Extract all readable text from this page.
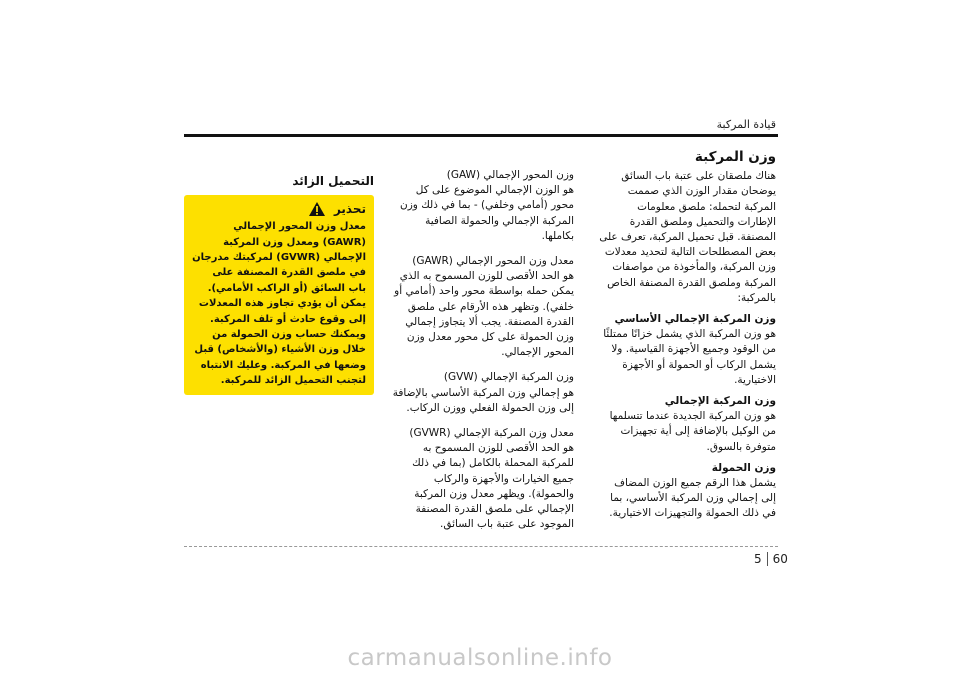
قيادة المركبة
وزن المركبة

هناك ملصقان على عتبة باب السائق يوضحان مقدار الوزن الذي صممت المركبة لتحمله: ملصق معلومات الإطارات والتحميل وملصق القدرة المصنفة. قبل تحميل المركبة، تعرف على بعض المصطلحات التالية لتحديد معدلات وزن المركبة، والمأخوذة من مواصفات المركبة وملصق القدرة المصنفة الخاص بالمركبة:

وزن المركبة الإجمالي الأساسي

هو وزن المركبة الذي يشمل خزانًا ممتلئًا من الوقود وجميع الأجهزة القياسية. ولا يشمل الركاب أو الحمولة أو الأجهزة الاختيارية.

وزن المركبة الإجمالي

هو وزن المركبة الجديدة عندما تتسلمها من الوكيل بالإضافة إلى أية تجهيزات متوفرة بالسوق.

وزن الحمولة

يشمل هذا الرقم جميع الوزن المضاف إلى إجمالي وزن المركبة الأساسي، بما في ذلك الحمولة والتجهيزات الاختيارية.

وزن المحور الإجمالي (GAW)

هو الوزن الإجمالي الموضوع على كل محور (أمامي وخلفي) - بما في ذلك وزن المركبة الإجمالي والحمولة الصافية بكاملها.

معدل وزن المحور الإجمالي (GAWR)

هو الحد الأقصى للوزن المسموح به الذي يمكن حمله بواسطة محور واحد (أمامي أو خلفي). وتظهر هذه الأرقام على ملصق القدرة المصنفة. يجب ألا يتجاوز إجمالي وزن الحمولة على كل محور معدل وزن المحور الإجمالي.

وزن المركبة الإجمالي (GVW)

هو إجمالي وزن المركبة الأساسي بالإضافة إلى وزن الحمولة الفعلي ووزن الركاب.

معدل وزن المركبة الإجمالي (GVWR)

هو الحد الأقصى للوزن المسموح به للمركبة المحملة بالكامل (بما في ذلك جميع الخيارات والأجهزة والركاب والحمولة). ويظهر معدل وزن المركبة الإجمالي على ملصق القدرة المصنفة الموجود على عتبة باب السائق.

التحميل الزائد
تحذير

معدل وزن المحور الإجمالي (GAWR) ومعدل وزن المركبة الإجمالي (GVWR) لمركبتك مدرجان في ملصق القدرة المصنفة على باب السائق (أو الراكب الأمامي). يمكن أن يؤدي تجاوز هذه المعدلات إلى وقوع حادث أو تلف المركبة. ويمكنك حساب وزن الحمولة من خلال وزن الأشياء (والأشخاص) قبل وضعها في المركبة. وعليك الانتباه لتجنب التحميل الزائد للمركبة.

5 60
carmanualsonline.info
